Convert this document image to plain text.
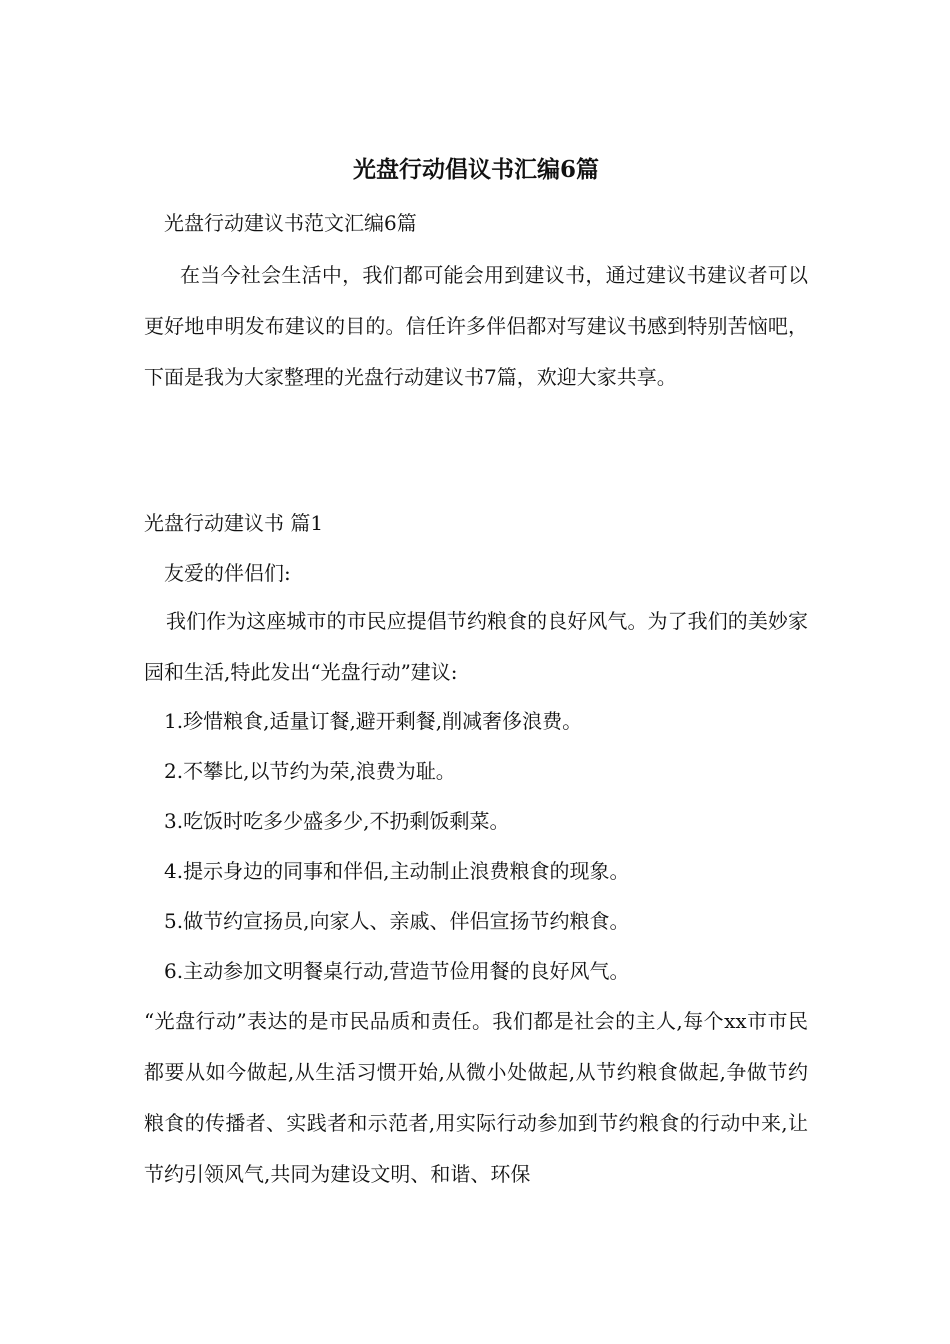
光盘行动倡议书汇编6篇
光盘行动建议书范文汇编6篇

在当今社会生活中，我们都可能会用到建议书，通过建议书建议者可以更好地申明发布建议的目的。信任许多伴侣都对写建议书感到特别苦恼吧，下面是我为大家整理的光盘行动建议书7篇，欢迎大家共享。

光盘行动建议书 篇1
友爱的伴侣们:

我们作为这座城市的市民应提倡节约粮食的良好风气。为了我们的美妙家园和生活,特此发出“光盘行动”建议:

1.珍惜粮食,适量订餐,避开剩餐,削减奢侈浪费。
2.不攀比,以节约为荣,浪费为耻。
3.吃饭时吃多少盛多少,不扔剩饭剩菜。
4.提示身边的同事和伴侣,主动制止浪费粮食的现象。
5.做节约宣扬员,向家人、亲戚、伴侣宣扬节约粮食。
6.主动参加文明餐桌行动,营造节俭用餐的良好风气。

“光盘行动”表达的是市民品质和责任。我们都是社会的主人,每个xx市市民都要从如今做起,从生活习惯开始,从微小处做起,从节约粮食做起,争做节约粮食的传播者、实践者和示范者,用实际行动参加到节约粮食的行动中来,让节约引领风气,共同为建设文明、和谐、环保
